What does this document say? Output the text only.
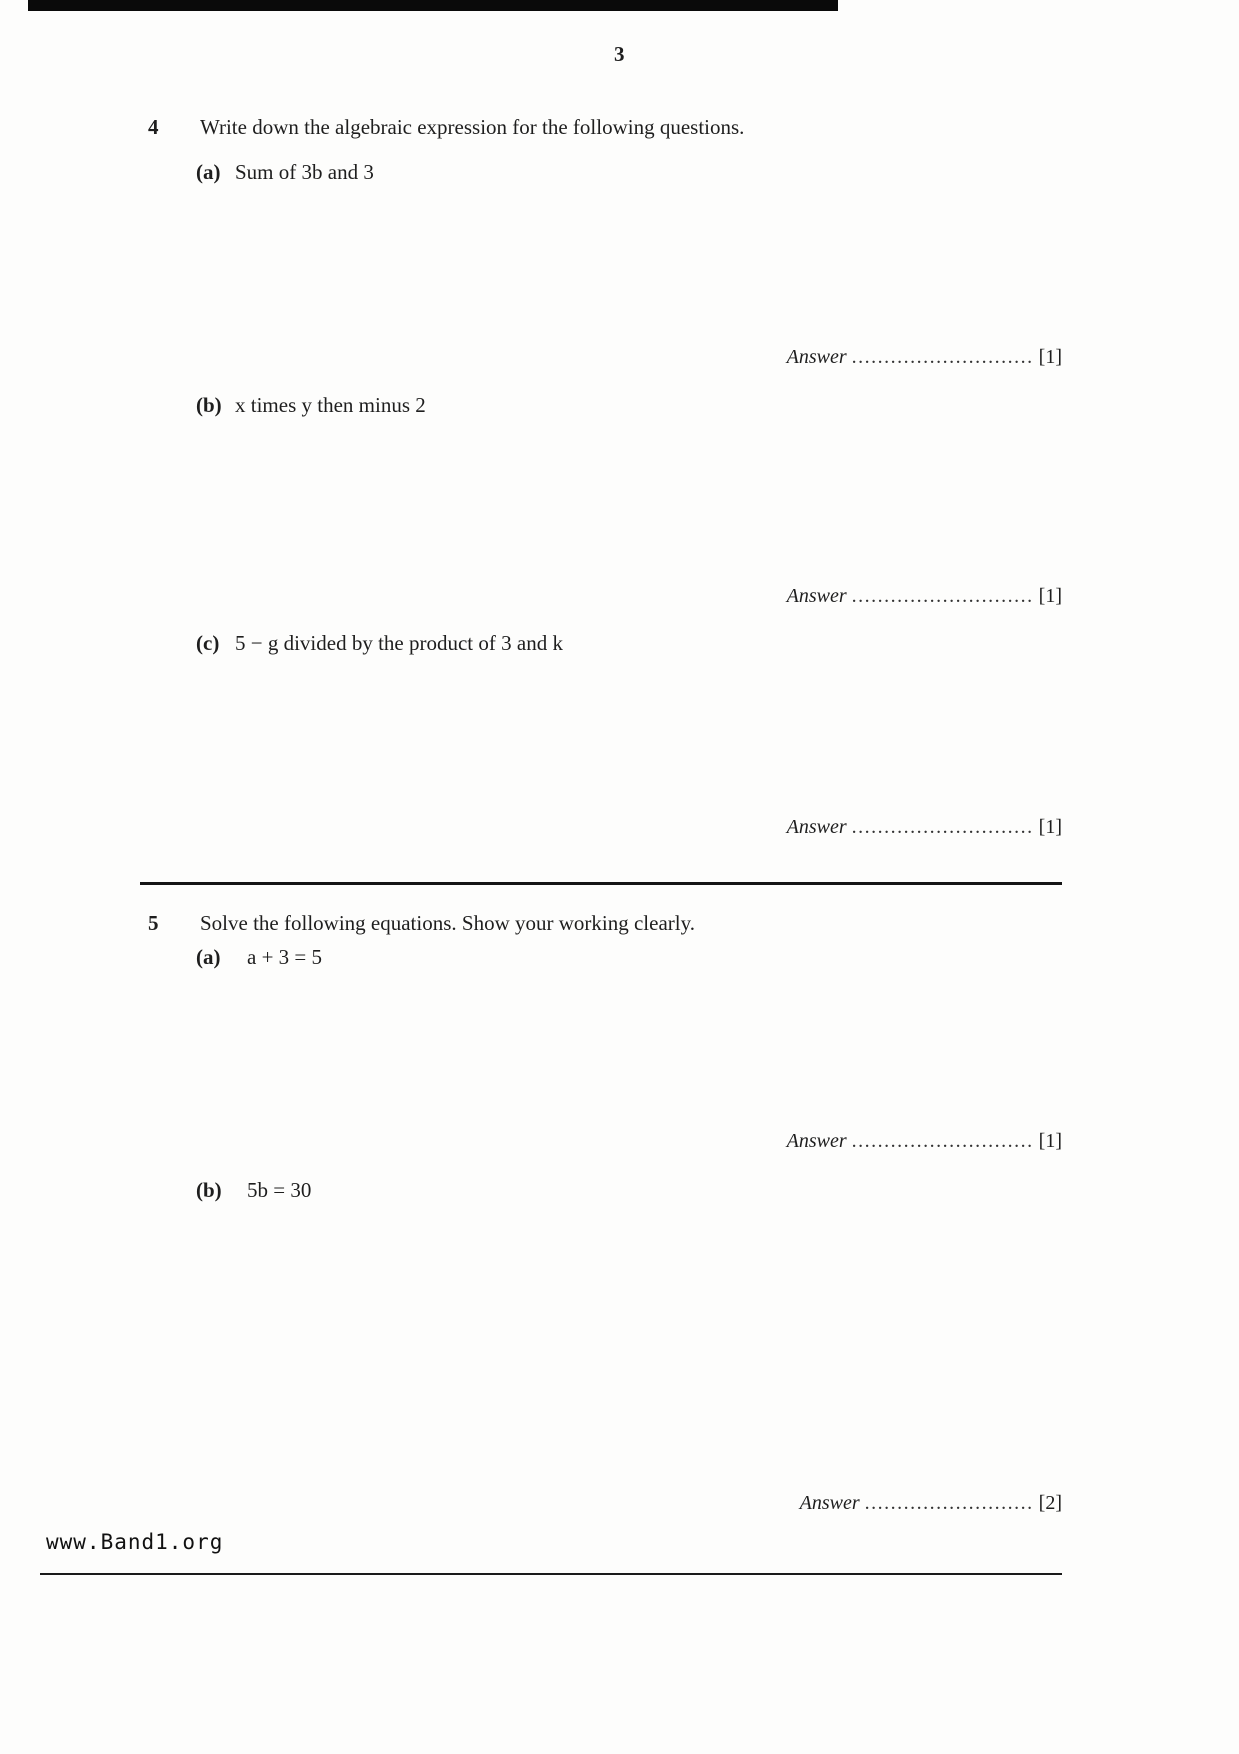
3
4 Write down the algebraic expression for the following questions.
(a) Sum of 3b and 3
Answer ............................ [1]
(b) x times y then minus 2
Answer ............................ [1]
(c) 5 − g divided by the product of 3 and k
Answer ............................ [1]
5 Solve the following equations. Show your working clearly.
(a) a + 3 = 5
Answer ............................ [1]
(b) 5b = 30
Answer .......................... [2]
www.Band1.org
